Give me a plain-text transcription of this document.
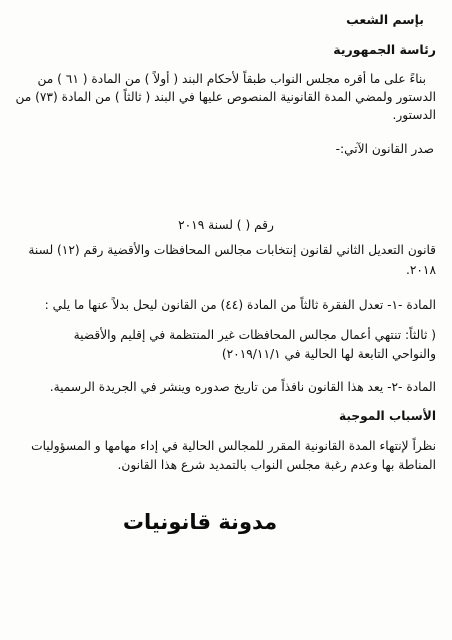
بإسم الشعب
رئاسة الجمهورية
بناءً على ما أقره مجلس النواب طبقاً لأحكام البند ( أولاً ) من المادة ( ٦١ ) من
الدستور ولمضي المدة القانونية المنصوص عليها في البند ( ثالثاً ) من المادة (٧٣) من
الدستور.
صدر القانون الآتي:-
رقم ( ) لسنة ٢٠١٩
قانون التعديل الثاني لقانون إنتخابات مجالس المحافظات والأقضية رقم (١٢) لسنة
٢٠١٨.
المادة -١- تعدل الفقرة ثالثاً من المادة (٤٤) من القانون ليحل بدلاً عنها ما يلي :
( ثالثاً: تنتهي أعمال مجالس المحافظات غير المنتظمة في إقليم والأقضية
والنواحي التابعة لها الحالية في ٢٠١٩/١١/١)
المادة -٢- يعد هذا القانون نافذاً من تاريخ صدوره وينشر في الجريدة الرسمية.
الأسباب الموجبة
نظراً لإنتهاء المدة القانونية المقرر للمجالس الحالية في إداء مهامها و المسؤوليات
المناطة بها وعدم رغبة مجلس النواب بالتمديد شرع هذا القانون.
مدونة قانونيات
